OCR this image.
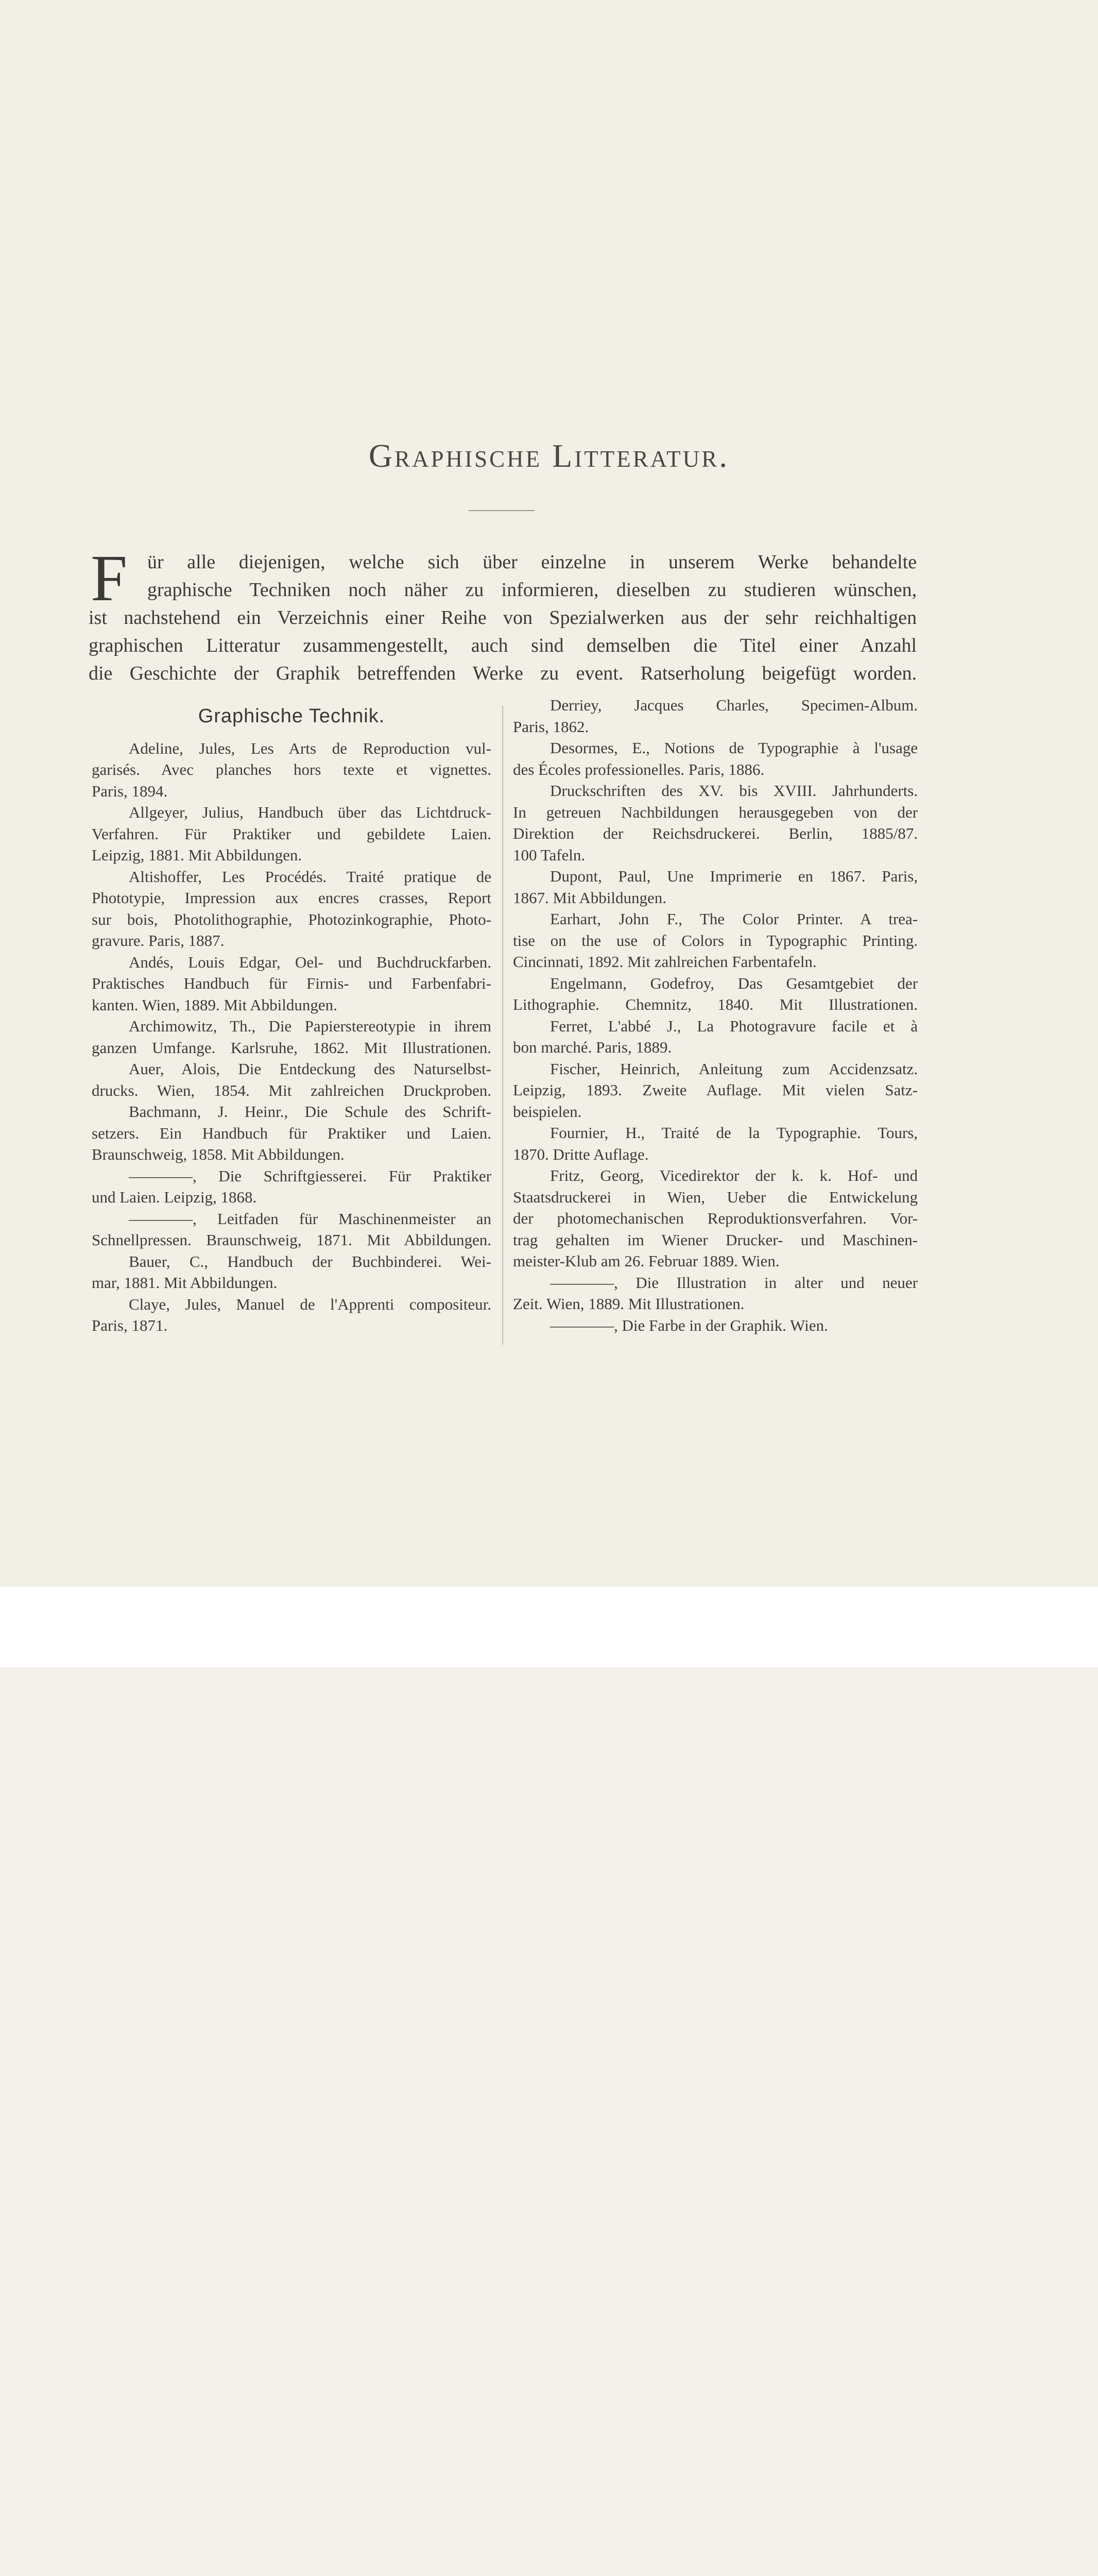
Graphische Litteratur.
F	ür alle diejenigen, welche sich über einzelne in unserem Werke behandelte
graphische Techniken noch näher zu informieren, dieselben zu studieren wünschen,
ist nachstehend ein Verzeichnis einer Reihe von Spezialwerken aus der sehr reichhaltigen
graphischen Litteratur zusammengestellt, auch sind demselben die Titel einer Anzahl
die Geschichte der Graphik betreffenden Werke zu event. Ratserholung beigefügt worden.
Graphische Technik.
Adeline, Jules, Les Arts de Reproduction vul-
garisés. Avec planches hors texte et vignettes.
Paris, 1894.
Allgeyer, Julius, Handbuch über das Lichtdruck-
Verfahren. Für Praktiker und gebildete Laien.
Leipzig, 1881. Mit Abbildungen.
Altishoffer, Les Procédés. Traité pratique de
Phototypie, Impression aux encres crasses, Report
sur bois, Photolithographie, Photozinkographie, Photo-
gravure. Paris, 1887.
Andés, Louis Edgar, Oel- und Buchdruckfarben.
Praktisches Handbuch für Firnis- und Farbenfabri-
kanten. Wien, 1889. Mit Abbildungen.
Archimowitz, Th., Die Papierstereotypie in ihrem
ganzen Umfange. Karlsruhe, 1862. Mit Illustrationen.
Auer, Alois, Die Entdeckung des Naturselbst-
drucks. Wien, 1854. Mit zahlreichen Druckproben.
Bachmann, J. Heinr., Die Schule des Schrift-
setzers. Ein Handbuch für Praktiker und Laien.
Braunschweig, 1858. Mit Abbildungen.
————, Die Schriftgiesserei. Für Praktiker
und Laien. Leipzig, 1868.
————, Leitfaden für Maschinenmeister an
Schnellpressen. Braunschweig, 1871. Mit Abbildungen.
Bauer, C., Handbuch der Buchbinderei. Wei-
mar, 1881. Mit Abbildungen.
Claye, Jules, Manuel de l'Apprenti compositeur.
Paris, 1871.
Derriey, Jacques Charles, Specimen-Album.
Paris, 1862.
Desormes, E., Notions de Typographie à l'usage
des Écoles professionelles. Paris, 1886.
Druckschriften des XV. bis XVIII. Jahrhunderts.
In getreuen Nachbildungen herausgegeben von der
Direktion der Reichsdruckerei. Berlin, 1885/87.
100 Tafeln.
Dupont, Paul, Une Imprimerie en 1867. Paris,
1867. Mit Abbildungen.
Earhart, John F., The Color Printer. A trea-
tise on the use of Colors in Typographic Printing.
Cincinnati, 1892. Mit zahlreichen Farbentafeln.
Engelmann, Godefroy, Das Gesamtgebiet der
Lithographie. Chemnitz, 1840. Mit Illustrationen.
Ferret, L'abbé J., La Photogravure facile et à
bon marché. Paris, 1889.
Fischer, Heinrich, Anleitung zum Accidenzsatz.
Leipzig, 1893. Zweite Auflage. Mit vielen Satz-
beispielen.
Fournier, H., Traité de la Typographie. Tours,
1870. Dritte Auflage.
Fritz, Georg, Vicedirektor der k. k. Hof- und
Staatsdruckerei in Wien, Ueber die Entwickelung
der photomechanischen Reproduktionsverfahren. Vor-
trag gehalten im Wiener Drucker- und Maschinen-
meister-Klub am 26. Februar 1889. Wien.
————, Die Illustration in alter und neuer
Zeit. Wien, 1889. Mit Illustrationen.
————, Die Farbe in der Graphik. Wien.
